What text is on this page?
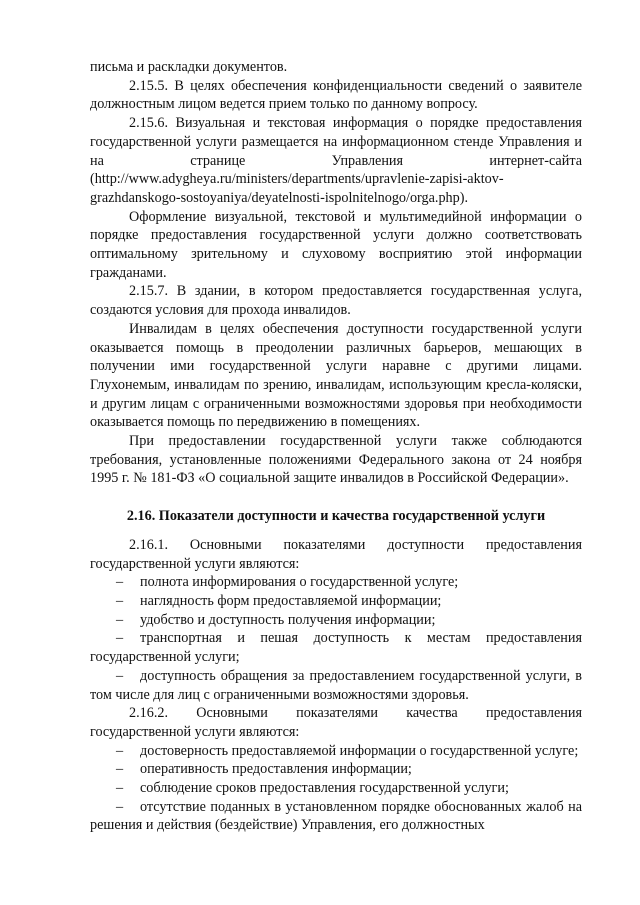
письма и раскладки документов.

2.15.5. В целях обеспечения конфиденциальности сведений о заявителе должностным лицом ведется прием только по данному вопросу.

2.15.6. Визуальная и текстовая информация о порядке предоставления государственной услуги размещается на информационном стенде Управления и на странице Управления интернет-сайта (http://www.adygheya.ru/ministers/departments/upravlenie-zapisi-aktov-grazhdanskogo-sostoyaniya/deyatelnosti-ispolnitelnogo/orga.php).

Оформление визуальной, текстовой и мультимедийной информации о порядке предоставления государственной услуги должно соответствовать оптимальному зрительному и слуховому восприятию этой информации гражданами.

2.15.7. В здании, в котором предоставляется государственная услуга, создаются условия для прохода инвалидов.

Инвалидам в целях обеспечения доступности государственной услуги оказывается помощь в преодолении различных барьеров, мешающих в получении ими государственной услуги наравне с другими лицами. Глухонемым, инвалидам по зрению, инвалидам, использующим кресла-коляски, и другим лицам с ограниченными возможностями здоровья при необходимости оказывается помощь по передвижению в помещениях.

При предоставлении государственной услуги также соблюдаются требования, установленные положениями Федерального закона от 24 ноября 1995 г. № 181-ФЗ «О социальной защите инвалидов в Российской Федерации».

2.16. Показатели доступности и качества государственной услуги

2.16.1. Основными показателями доступности предоставления государственной услуги являются:

– полнота информирования о государственной услуге;

– наглядность форм предоставляемой информации;

– удобство и доступность получения информации;

– транспортная и пешая доступность к местам предоставления государственной услуги;

– доступность обращения за предоставлением государственной услуги, в том числе для лиц с ограниченными возможностями здоровья.

2.16.2. Основными показателями качества предоставления государственной услуги являются:

– достоверность предоставляемой информации о государственной услуге;

– оперативность предоставления информации;

– соблюдение сроков предоставления государственной услуги;

– отсутствие поданных в установленном порядке обоснованных жалоб на решения и действия (бездействие) Управления, его должностных
